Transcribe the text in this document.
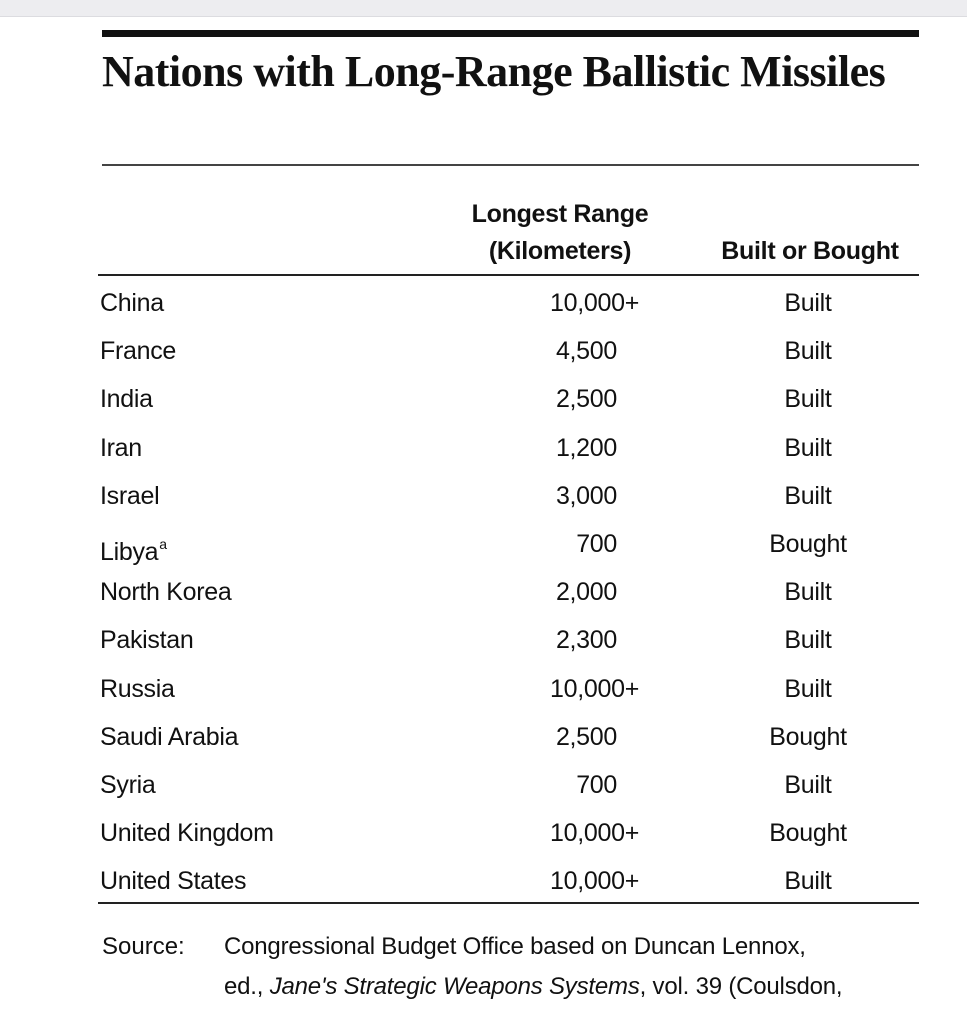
Nations with Long-Range Ballistic Missiles
Longest Range
(Kilometers)	Built or Bought
China	10,000+	Built
France	4,500	Built
India	2,500	Built
Iran	1,200	Built
Israel	3,000	Built
Libya$^a$	700	Bought
North Korea	2,000	Built
Pakistan	2,300	Built
Russia	10,000+	Built
Saudi Arabia	2,500	Bought
Syria	700	Built
United Kingdom	10,000+	Bought
United States	10,000+	Built
Source: Congressional Budget Office based on Duncan Lennox,
ed., Jane's Strategic Weapons Systems, vol. 39 (Coulsdon,
